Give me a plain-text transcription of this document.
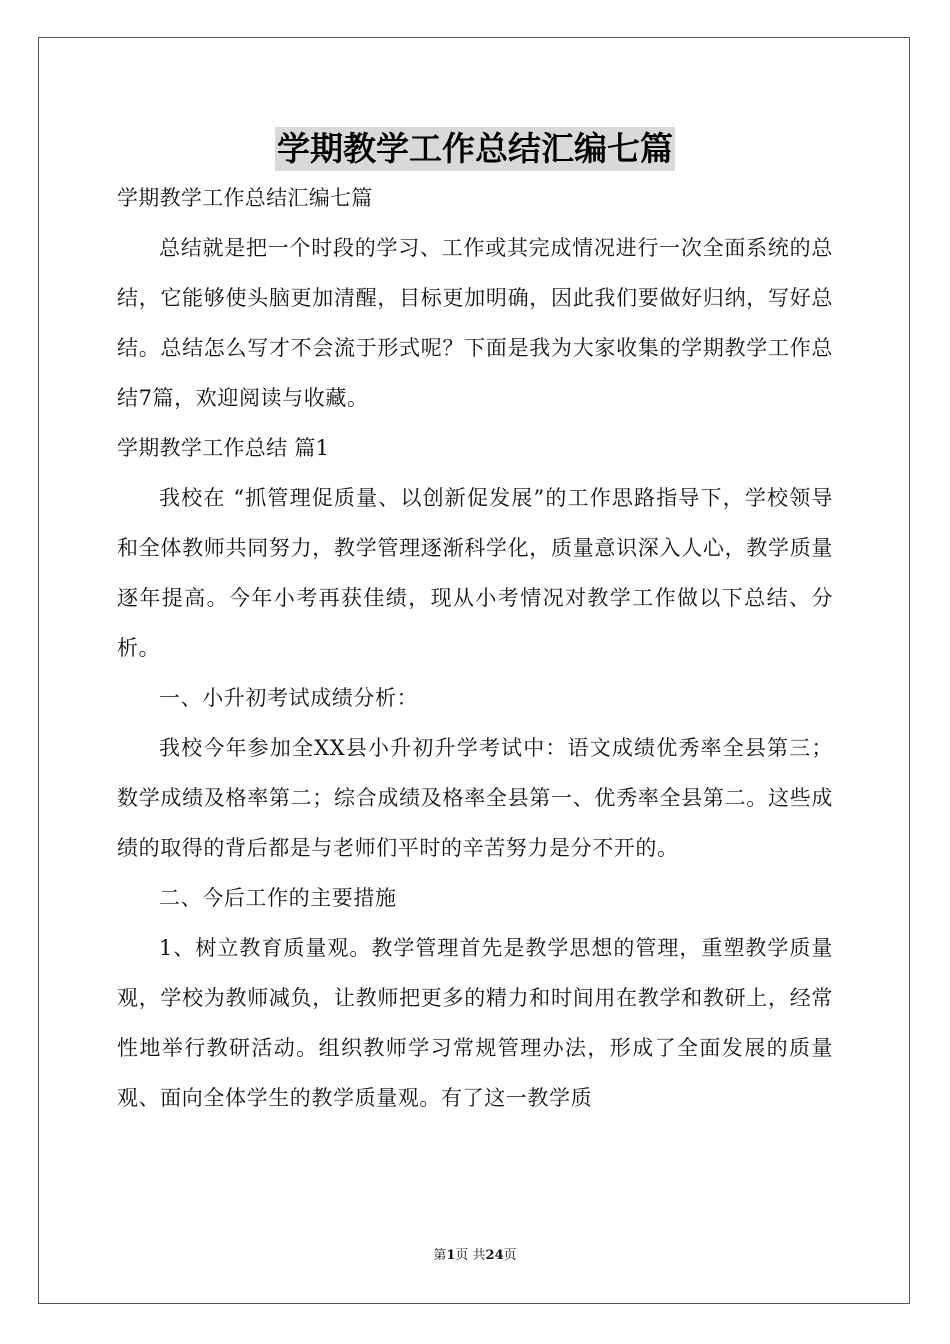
学期教学工作总结汇编七篇
学期教学工作总结汇编七篇
总结就是把一个时段的学习、工作或其完成情况进行一次全面系统的总结，它能够使头脑更加清醒，目标更加明确，因此我们要做好归纳，写好总结。总结怎么写才不会流于形式呢？下面是我为大家收集的学期教学工作总结7篇，欢迎阅读与收藏。
学期教学工作总结 篇1
我校在 “抓管理促质量、以创新促发展”的工作思路指导下，学校领导和全体教师共同努力，教学管理逐渐科学化，质量意识深入人心，教学质量逐年提高。今年小考再获佳绩，现从小考情况对教学工作做以下总结、分析。
一、小升初考试成绩分析：
我校今年参加全XX县小升初升学考试中：语文成绩优秀率全县第三；数学成绩及格率第二；综合成绩及格率全县第一、优秀率全县第二。这些成绩的取得的背后都是与老师们平时的辛苦努力是分不开的。
二、今后工作的主要措施
1、树立教育质量观。教学管理首先是教学思想的管理，重塑教学质量观，学校为教师减负，让教师把更多的精力和时间用在教学和教研上，经常性地举行教研活动。组织教师学习常规管理办法，形成了全面发展的质量观、面向全体学生的教学质量观。有了这一教学质
第1页 共24页
